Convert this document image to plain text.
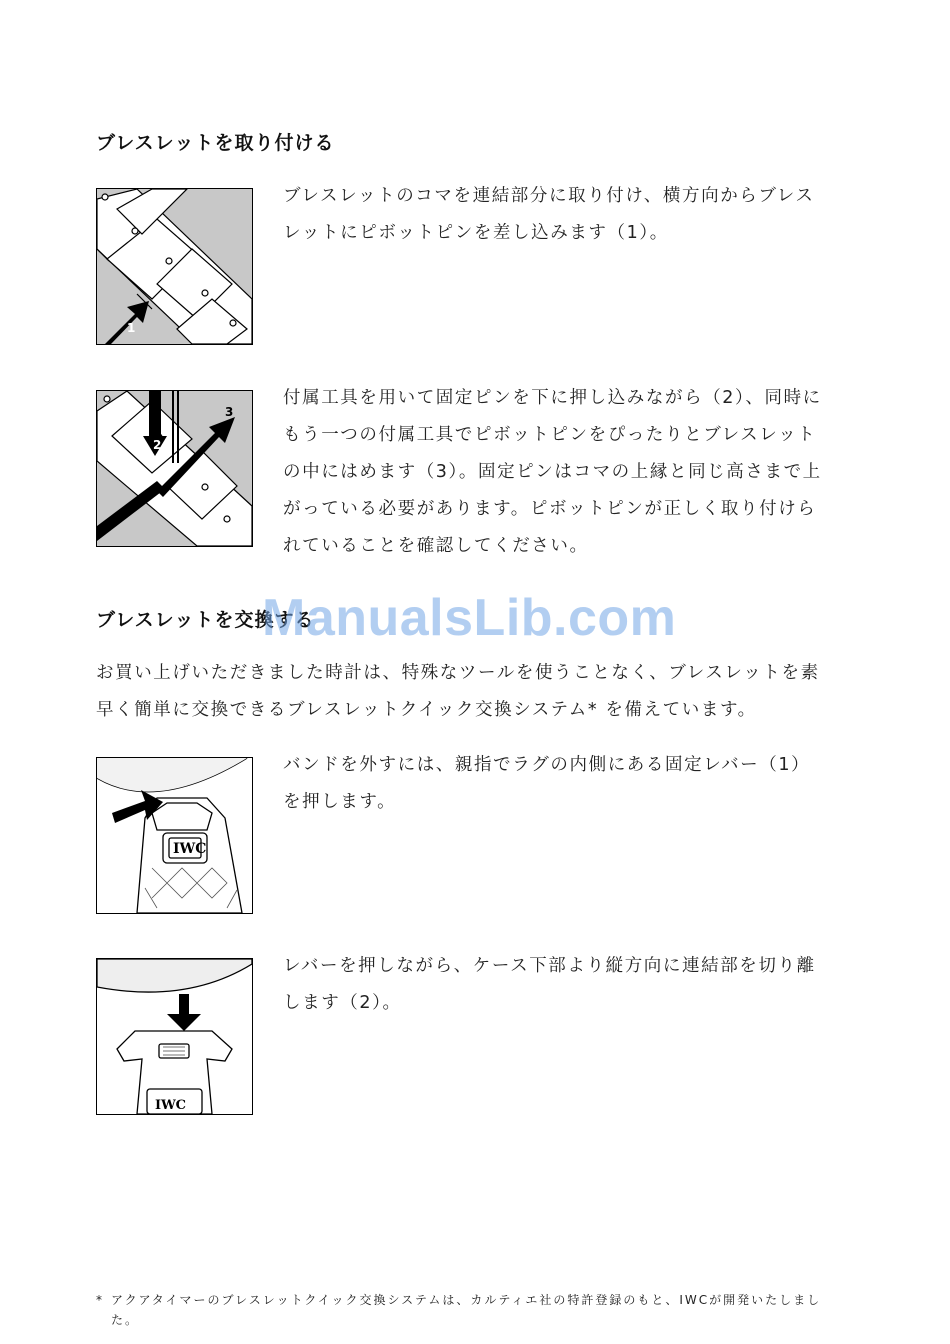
ブレスレットを取り付ける
1
ブレスレットのコマを連結部分に取り付け、横方向からブレスレットにピボットピンを差し込みます（1）。
2
3
付属工具を用いて固定ピンを下に押し込みながら（2）、同時にもう一つの付属工具でピボットピンをぴったりとブレスレットの中にはめます（3）。固定ピンはコマの上縁と同じ高さまで上がっている必要があります。ピボットピンが正しく取り付けられていることを確認してください。
ブレスレットを交換する
ManualsLib.com
お買い上げいただきました時計は、特殊なツールを使うことなく、ブレスレットを素早く簡単に交換できるブレスレットクイック交換システム* を備えています。
IWC
バンドを外すには、親指でラグの内側にある固定レバー（1）を押します。
IWC
レバーを押しながら、ケース下部より縦方向に連結部を切り離します（2）。
* アクアタイマーのブレスレットクイック交換システムは、カルティエ社の特許登録のもと、IWCが開発いたしました。
